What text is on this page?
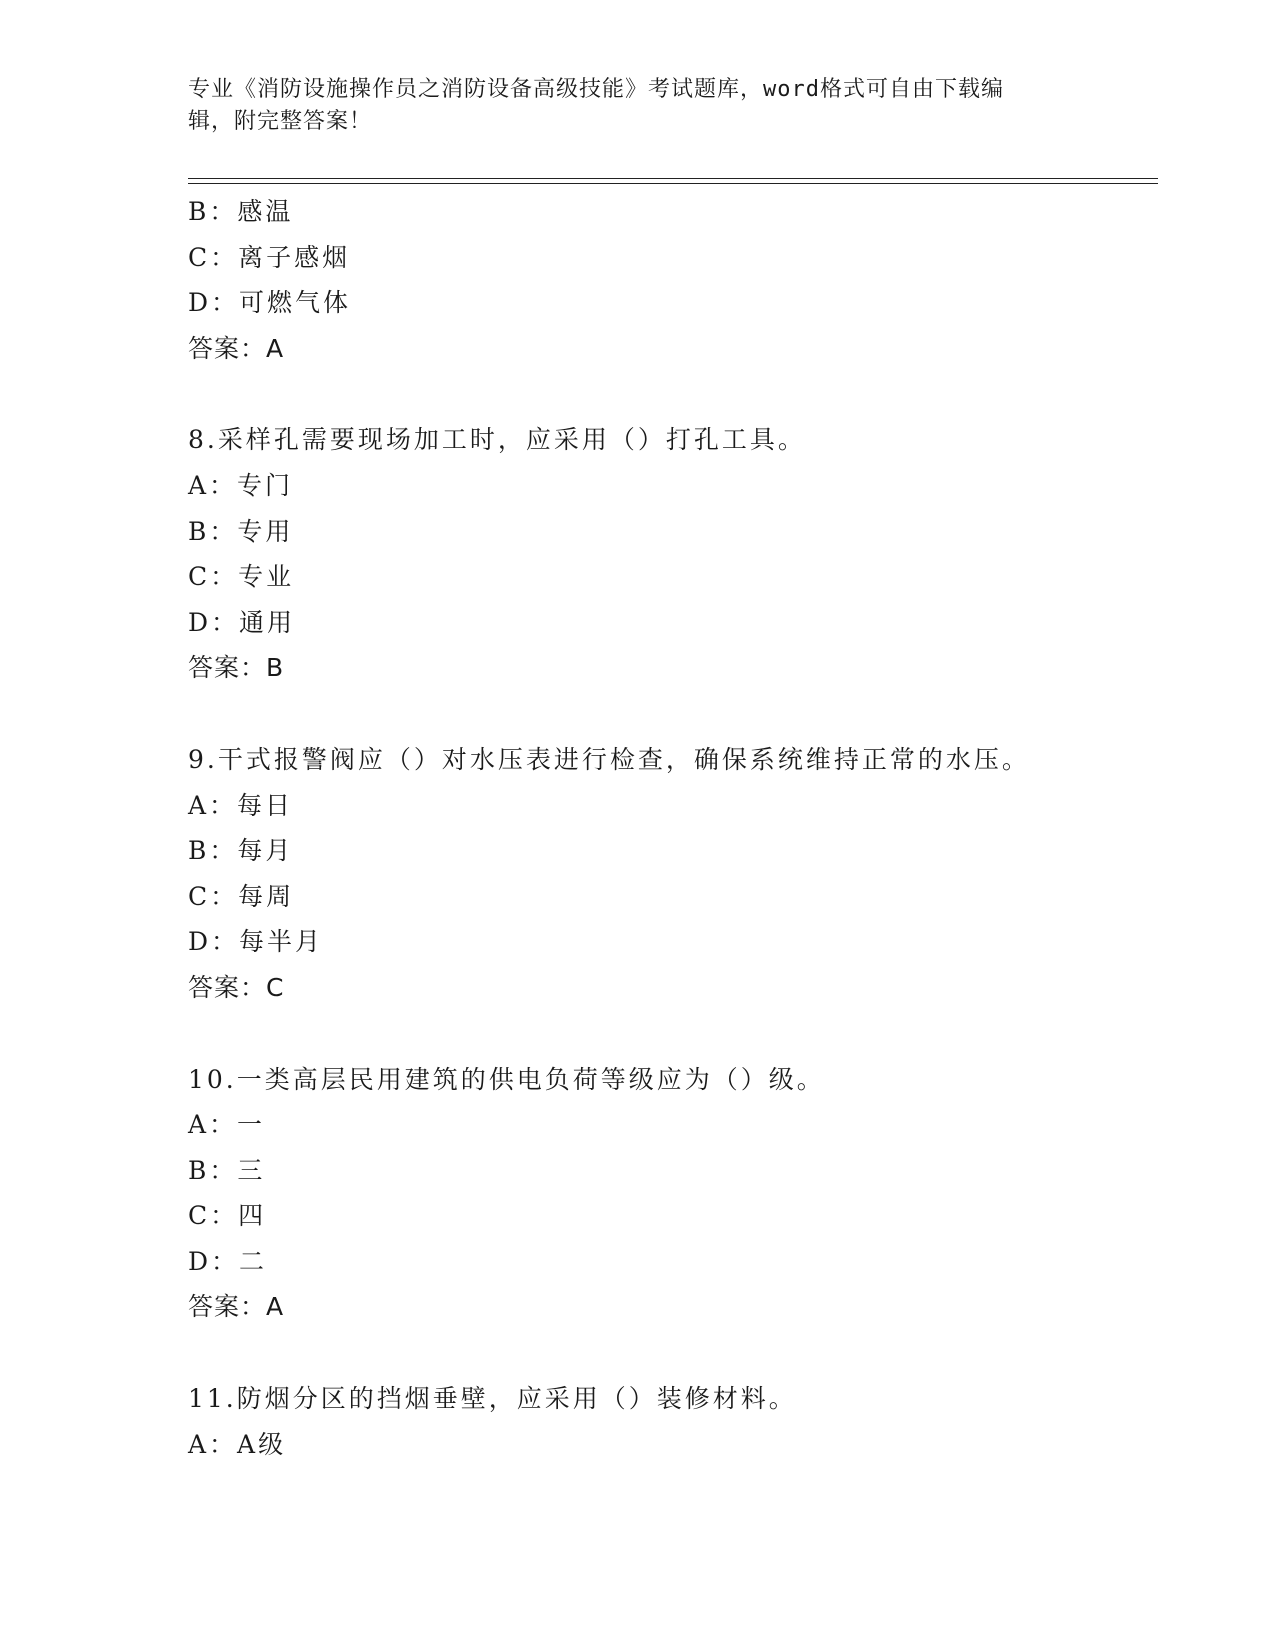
专业《消防设施操作员之消防设备高级技能》考试题库，word格式可自由下载编
辑，附完整答案！
B：感温
C：离子感烟
D：可燃气体
答案：A
8.采样孔需要现场加工时，应采用（）打孔工具。
A：专门
B：专用
C：专业
D：通用
答案：B
9.干式报警阀应（）对水压表进行检查，确保系统维持正常的水压。
A：每日
B：每月
C：每周
D：每半月
答案：C
10.一类高层民用建筑的供电负荷等级应为（）级。
A：一
B：三
C：四
D：二
答案：A
11.防烟分区的挡烟垂壁，应采用（）装修材料。
A：A级
